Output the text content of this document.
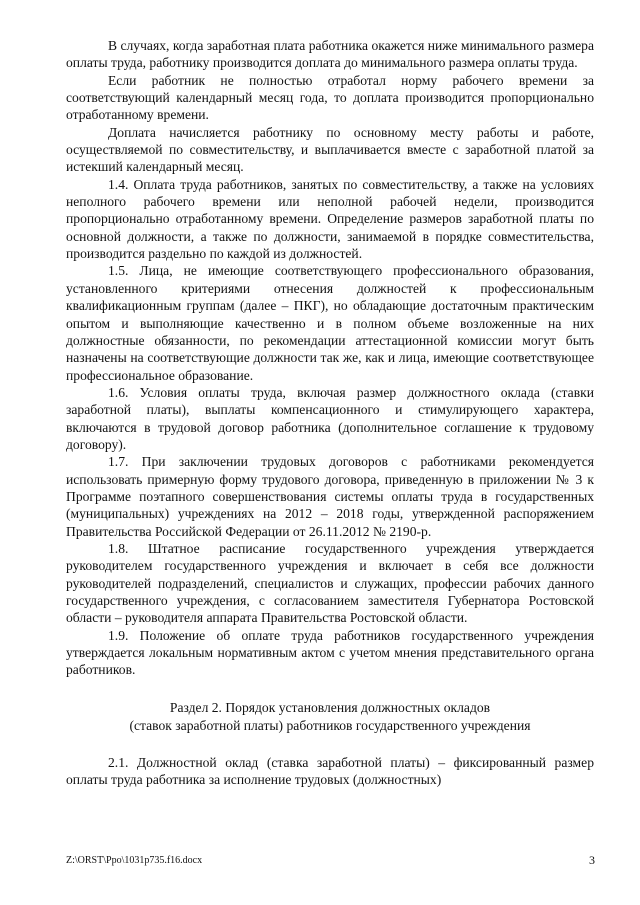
В случаях, когда заработная плата работника окажется ниже минимального размера оплаты труда, работнику производится доплата до минимального размера оплаты труда.

Если работник не полностью отработал норму рабочего времени за соответствующий календарный месяц года, то доплата производится пропорционально отработанному времени.

Доплата начисляется работнику по основному месту работы и работе, осуществляемой по совместительству, и выплачивается вместе с заработной платой за истекший календарный месяц.

1.4. Оплата труда работников, занятых по совместительству, а также на условиях неполного рабочего времени или неполной рабочей недели, производится пропорционально отработанному времени. Определение размеров заработной платы по основной должности, а также по должности, занимаемой в порядке совместительства, производится раздельно по каждой из должностей.

1.5. Лица, не имеющие соответствующего профессионального образования, установленного критериями отнесения должностей к профессиональным квалификационным группам (далее – ПКГ), но обладающие достаточным практическим опытом и выполняющие качественно и в полном объеме возложенные на них должностные обязанности, по рекомендации аттестационной комиссии могут быть назначены на соответствующие должности так же, как и лица, имеющие соответствующее профессиональное образование.

1.6. Условия оплаты труда, включая размер должностного оклада (ставки заработной платы), выплаты компенсационного и стимулирующего характера, включаются в трудовой договор работника (дополнительное соглашение к трудовому договору).

1.7. При заключении трудовых договоров с работниками рекомендуется использовать примерную форму трудового договора, приведенную в приложении № 3 к Программе поэтапного совершенствования системы оплаты труда в государственных (муниципальных) учреждениях на 2012 – 2018 годы, утвержденной распоряжением Правительства Российской Федерации от 26.11.2012 № 2190-р.

1.8. Штатное расписание государственного учреждения утверждается руководителем государственного учреждения и включает в себя все должности руководителей подразделений, специалистов и служащих, профессии рабочих данного государственного учреждения, с согласованием заместителя Губернатора Ростовской области – руководителя аппарата Правительства Ростовской области.

1.9. Положение об оплате труда работников государственного учреждения утверждается локальным нормативным актом с учетом мнения представительного органа работников.

Раздел 2. Порядок установления должностных окладов
(ставок заработной платы) работников государственного учреждения

2.1. Должностной оклад (ставка заработной платы) – фиксированный размер оплаты труда работника за исполнение трудовых (должностных)

Z:\ORST\Ppo\1031p735.f16.docx	3
